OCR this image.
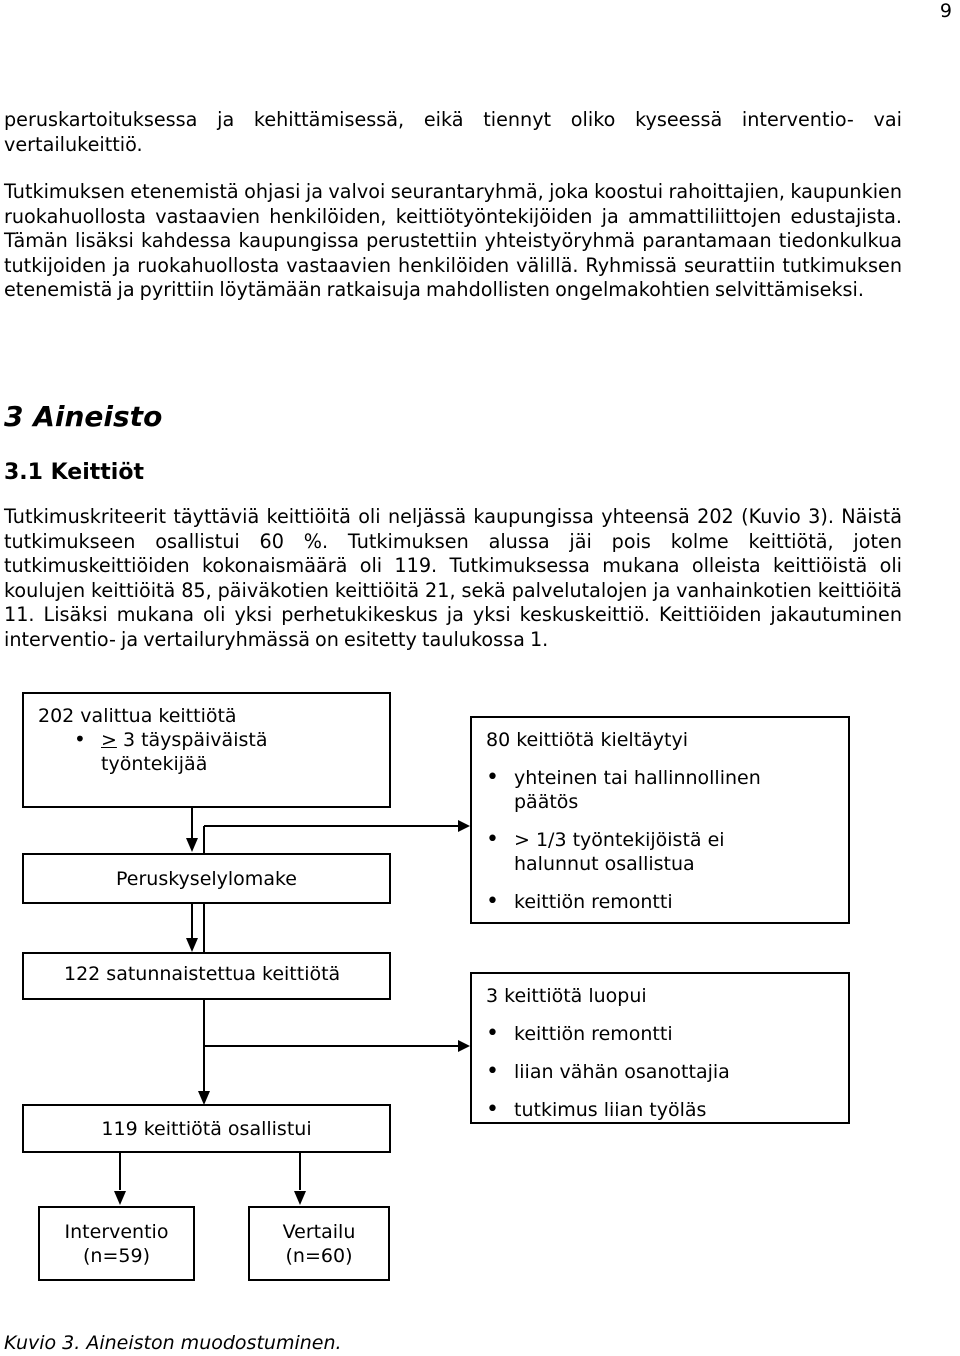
9

peruskartoituksessa ja kehittämisessä, eikä tiennyt oliko kyseessä interventio- vai vertailukeittiö.

Tutkimuksen etenemistä ohjasi ja valvoi seurantaryhmä, joka koostui rahoittajien, kaupunkien ruokahuollosta vastaavien henkilöiden, keittiötyöntekijöiden ja ammattiliittojen edustajista. Tämän lisäksi kahdessa kaupungissa perustettiin yhteistyöryhmä parantamaan tiedonkulkua tutkijoiden ja ruokahuollosta vastaavien henkilöiden välillä. Ryhmissä seurattiin tutkimuksen etenemistä ja pyrittiin löytämään ratkaisuja mahdollisten ongelmakohtien selvittämiseksi.

3 Aineisto
3.1 Keittiöt

Tutkimuskriteerit täyttäviä keittiöitä oli neljässä kaupungissa yhteensä 202 (Kuvio 3). Näistä tutkimukseen osallistui 60 %. Tutkimuksen alussa jäi pois kolme keittiötä, joten tutkimuskeittiöiden kokonaismäärä oli 119. Tutkimuksessa mukana olleista keittiöistä oli koulujen keittiöitä 85, päiväkotien keittiöitä 21, sekä palvelutalojen ja vanhainkotien keittiöitä 11. Lisäksi mukana oli yksi perhetukikeskus ja yksi keskuskeittiö. Keittiöiden jakautuminen interventio- ja vertailuryhmässä on esitetty taulukossa 1.

202 valittua keittiötä
• ≥ 3 täyspäiväistä
työntekijää
Peruskyselylomake
122 satunnaistettua keittiötä
119 keittiötä osallistui
Interventio
(n=59)
Vertailu
(n=60)
80 keittiötä kieltäytyi
• yhteinen tai hallinnollinen päätös
• > 1/3 työntekijöistä ei halunnut osallistua
• keittiön remontti
3 keittiötä luopui
• keittiön remontti
• liian vähän osanottajia
• tutkimus liian työläs
Kuvio 3. Aineiston muodostuminen.
